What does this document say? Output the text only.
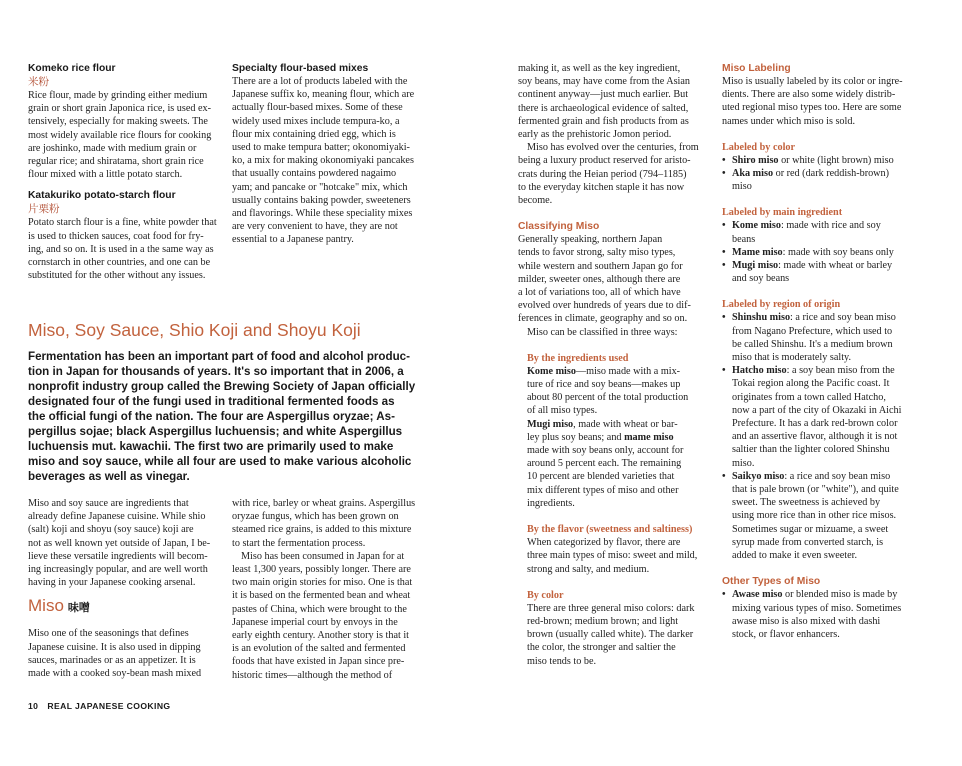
Komeko rice flour
米粉
Rice flour, made by grinding either medium
grain or short grain Japonica rice, is used ex-
tensively, especially for making sweets. The
most widely available rice flours for cooking
are joshinko, made with medium grain or
regular rice; and shiratama, short grain rice
flour mixed with a little potato starch.
Katakuriko potato-starch flour
片栗粉
Potato starch flour is a fine, white powder that
is used to thicken sauces, coat food for fry-
ing, and so on. It is used in a the same way as
cornstarch in other countries, and one can be
substituted for the other without any issues.
Specialty flour-based mixes
There are a lot of products labeled with the
Japanese suffix ko, meaning flour, which are
actually flour-based mixes. Some of these
widely used mixes include tempura-ko, a
flour mix containing dried egg, which is
used to make tempura batter; okonomiyaki-
ko, a mix for making okonomiyaki pancakes
that usually contains powdered nagaimo
yam; and pancake or "hotcake" mix, which
usually contains baking powder, sweeteners
and flavorings. While these speciality mixes
are very convenient to have, they are not
essential to a Japanese pantry.
Miso, Soy Sauce, Shio Koji and Shoyu Koji
Fermentation has been an important part of food and alcohol produc-
tion in Japan for thousands of years. It's so important that in 2006, a
nonprofit industry group called the Brewing Society of Japan officially
designated four of the fungi used in traditional fermented foods as
the official fungi of the nation. The four are Aspergillus oryzae; As-
pergillus sojae; black Aspergillus luchuensis; and white Aspergillus
luchuensis mut. kawachii. The first two are primarily used to make
miso and soy sauce, while all four are used to make various alcoholic
beverages as well as vinegar.
Miso and soy sauce are ingredients that
already define Japanese cuisine. While shio
(salt) koji and shoyu (soy sauce) koji are
not as well known yet outside of Japan, I be-
lieve these versatile ingredients will becom-
ing increasingly popular, and are well worth
having in your Japanese cooking arsenal.
Miso 味噌
Miso one of the seasonings that defines
Japanese cuisine. It is also used in dipping
sauces, marinades or as an appetizer. It is
made with a cooked soy-bean mash mixed
with rice, barley or wheat grains. Aspergillus
oryzae fungus, which has been grown on
steamed rice grains, is added to this mixture
to start the fermentation process.
Miso has been consumed in Japan for at
least 1,300 years, possibly longer. There are
two main origin stories for miso. One is that
it is based on the fermented bean and wheat
pastes of China, which were brought to the
Japanese imperial court by envoys in the
early eighth century. Another story is that it
is an evolution of the salted and fermented
foods that have existed in Japan since pre-
historic times—although the method of
10 REAL JAPANESE COOKING
making it, as well as the key ingredient,
soy beans, may have come from the Asian
continent anyway—just much earlier. But
there is archaeological evidence of salted,
fermented grain and fish products from as
early as the prehistoric Jomon period.
Miso has evolved over the centuries, from
being a luxury product reserved for aristo-
crats during the Heian period (794–1185)
to the everyday kitchen staple it has now
become.
Classifying Miso
Generally speaking, northern Japan
tends to favor strong, salty miso types,
while western and southern Japan go for
milder, sweeter ones, although there are
a lot of variations too, all of which have
evolved over hundreds of years due to dif-
ferences in climate, geography and so on.
Miso can be classified in three ways:
By the ingredients used
Kome miso—miso made with a mix-
ture of rice and soy beans—makes up
about 80 percent of the total production
of all miso types.
Mugi miso, made with wheat or bar-
ley plus soy beans; and mame miso
made with soy beans only, account for
around 5 percent each. The remaining
10 percent are blended varieties that
mix different types of miso and other
ingredients.
By the flavor (sweetness and saltiness)
When categorized by flavor, there are
three main types of miso: sweet and mild,
strong and salty, and medium.
By color
There are three general miso colors: dark
red-brown; medium brown; and light
brown (usually called white). The darker
the color, the stronger and saltier the
miso tends to be.
Miso Labeling
Miso is usually labeled by its color or ingre-
dients. There are also some widely distrib-
uted regional miso types too. Here are some
names under which miso is sold.
Labeled by color
• Shiro miso or white (light brown) miso
• Aka miso or red (dark reddish-brown)
miso
Labeled by main ingredient
• Kome miso: made with rice and soy
beans
• Mame miso: made with soy beans only
• Mugi miso: made with wheat or barley
and soy beans
Labeled by region of origin
• Shinshu miso: a rice and soy bean miso
from Nagano Prefecture, which used to
be called Shinshu. It's a medium brown
miso that is moderately salty.
• Hatcho miso: a soy bean miso from the
Tokai region along the Pacific coast. It
originates from a town called Hatcho,
now a part of the city of Okazaki in Aichi
Prefecture. It has a dark red-brown color
and an assertive flavor, although it is not
saltier than the lighter colored Shinshu
miso.
• Saikyo miso: a rice and soy bean miso
that is pale brown (or "white"), and quite
sweet. The sweetness is achieved by
using more rice than in other rice misos.
Sometimes sugar or mizuame, a sweet
syrup made from converted starch, is
added to make it even sweeter.
Other Types of Miso
• Awase miso or blended miso is made by
mixing various types of miso. Sometimes
awase miso is also mixed with dashi
stock, or flavor enhancers.
